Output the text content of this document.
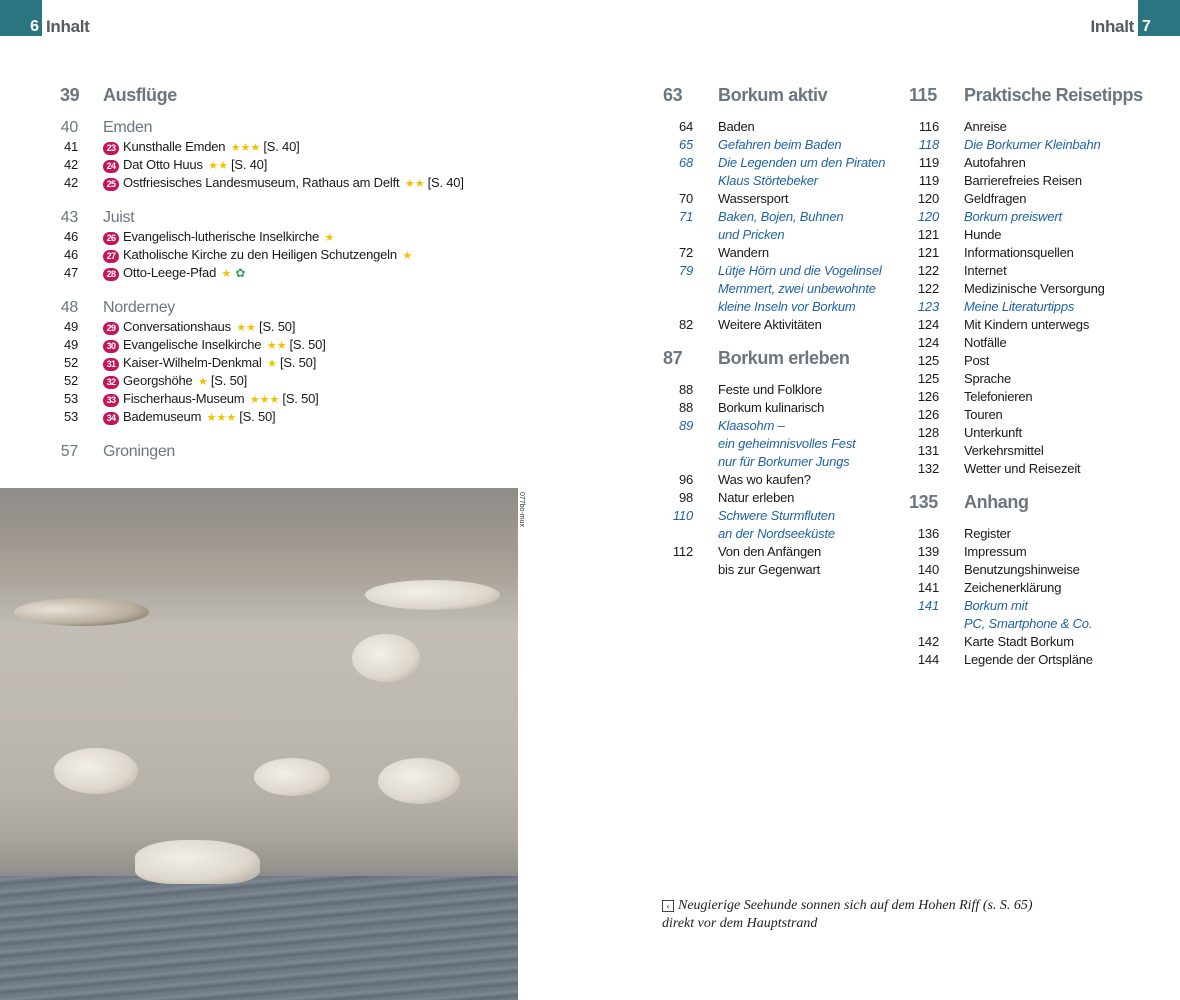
6 Inhalt	Inhalt 7
39 Ausflüge
40 Emden
41	23 Kunsthalle Emden ★★★ [S. 40]
42	24 Dat Otto Huus ★★ [S. 40]
42	25 Ostfriesisches Landesmuseum, Rathaus am Delft ★★ [S. 40]
43 Juist
46	26 Evangelisch-lutherische Inselkirche ★
46	27 Katholische Kirche zu den Heiligen Schutzengeln ★
47	28 Otto-Leege-Pfad ★ ✿
48 Norderney
49	29 Conversationshaus ★★ [S. 50]
49	30 Evangelische Inselkirche ★★ [S. 50]
52	31 Kaiser-Wilhelm-Denkmal ★ [S. 50]
52	32 Georgshöhe ★ [S. 50]
53	33 Fischerhaus-Museum ★★★ [S. 50]
53	34 Bademuseum ★★★ [S. 50]
57 Groningen
077bo-mux
63 Borkum aktiv
64 Baden
65 Gefahren beim Baden
68 Die Legenden um den Piraten
Klaus Störtebeker
70 Wassersport
71 Baken, Bojen, Buhnen
und Pricken
72 Wandern
79 Lütje Hörn und die Vogelinsel
Memmert, zwei unbewohnte
kleine Inseln vor Borkum
82 Weitere Aktivitäten
87 Borkum erleben
88 Feste und Folklore
88 Borkum kulinarisch
89 Klaasohm –
ein geheimnisvolles Fest
nur für Borkumer Jungs
96 Was wo kaufen?
98 Natur erleben
110 Schwere Sturmfluten
an der Nordseeküste
112 Von den Anfängen
bis zur Gegenwart
115 Praktische Reisetipps
116 Anreise
118 Die Borkumer Kleinbahn
119 Autofahren
119 Barrierefreies Reisen
120 Geldfragen
120 Borkum preiswert
121 Hunde
121 Informationsquellen
122 Internet
122 Medizinische Versorgung
123 Meine Literaturtipps
124 Mit Kindern unterwegs
124 Notfälle
125 Post
125 Sprache
126 Telefonieren
126 Touren
128 Unterkunft
131 Verkehrsmittel
132 Wetter und Reisezeit
135 Anhang
136 Register
139 Impressum
140 Benutzungshinweise
141 Zeichenerklärung
141 Borkum mit
PC, Smartphone & Co.
142 Karte Stadt Borkum
144 Legende der Ortspläne
‹ Neugierige Seehunde sonnen sich auf dem Hohen Riff (s. S. 65)
direkt vor dem Hauptstrand
